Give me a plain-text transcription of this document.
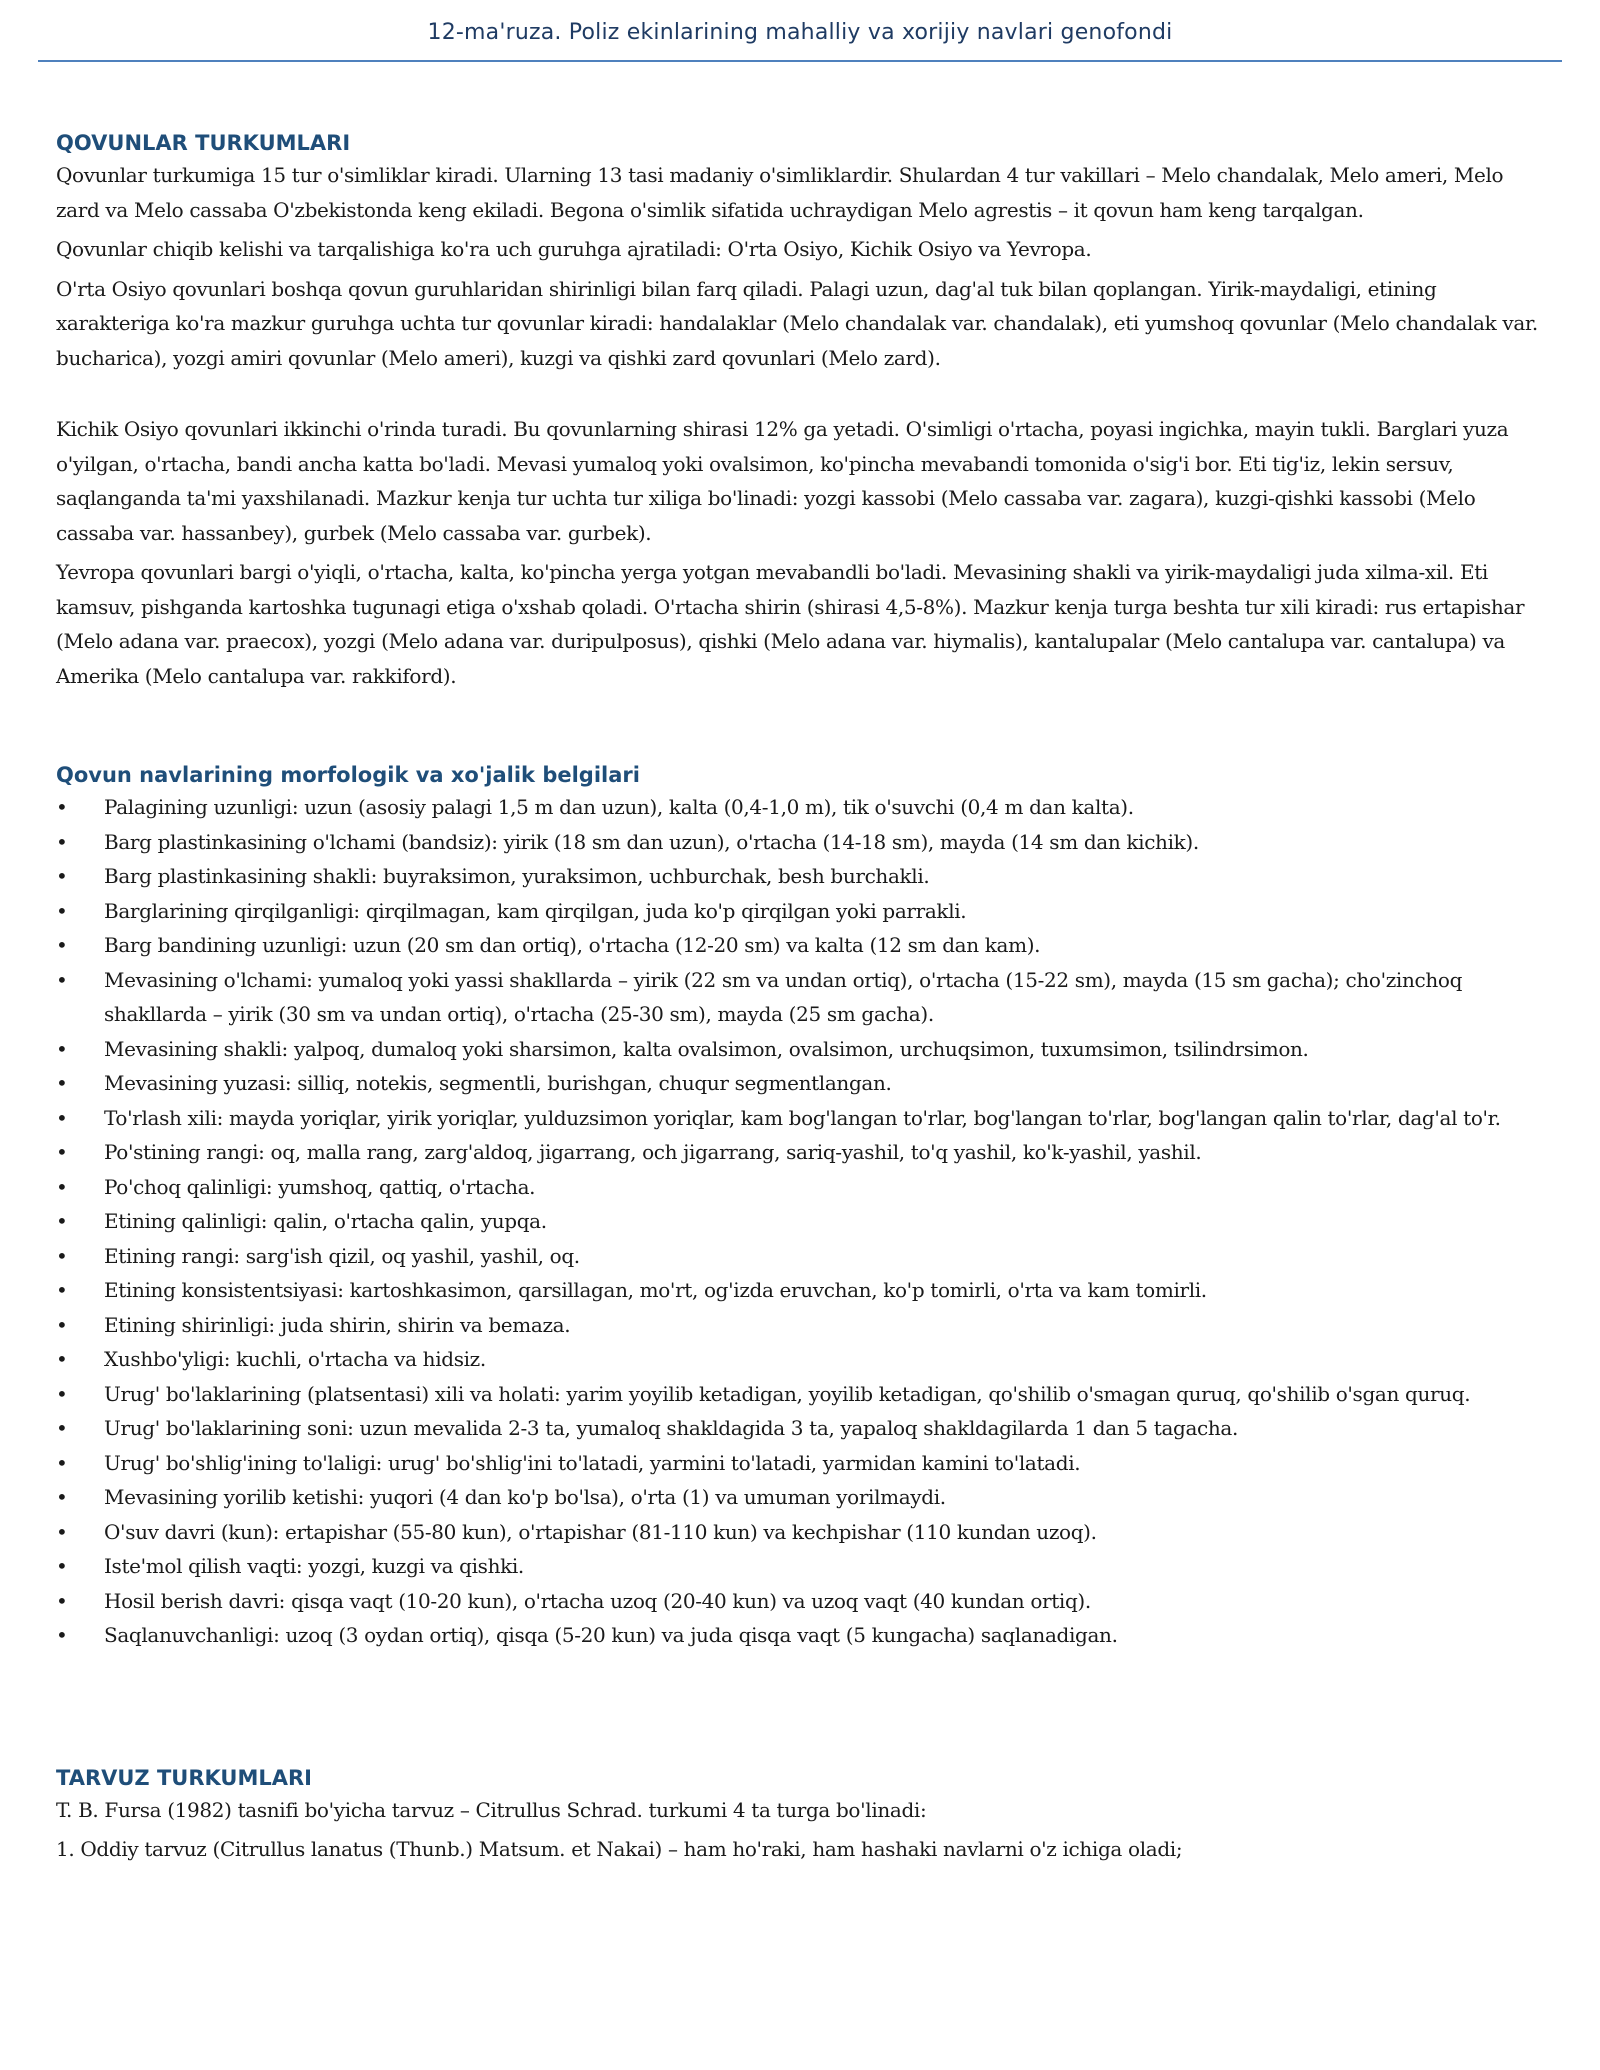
12-ma'ruza. Poliz ekinlarining mahalliy va xorijiy navlari genofondi
QOVUNLAR TURKUMLARI

Qovunlar turkumiga 15 tur o'simliklar kiradi. Ularning 13 tasi madaniy o'simliklardir. Shulardan 4 tur vakillari – Melo chandalak, Melo ameri, Melo zard va Melo cassaba O'zbekistonda keng ekiladi. Begona o'simlik sifatida uchraydigan Melo agrestis – it qovun ham keng tarqalgan.

Qovunlar chiqib kelishi va tarqalishiga ko'ra uch guruhga ajratiladi: O'rta Osiyo, Kichik Osiyo va Yevropa.

O'rta Osiyo qovunlari boshqa qovun guruhlaridan shirinligi bilan farq qiladi. Palagi uzun, dag'al tuk bilan qoplangan. Yirik-maydaligi, etining xarakteriga ko'ra mazkur guruhga uchta tur qovunlar kiradi: handalaklar (Melo chandalak var. chandalak), eti yumshoq qovunlar (Melo chandalak var. bucharica), yozgi amiri qovunlar (Melo ameri), kuzgi va qishki zard qovunlari (Melo zard).

Kichik Osiyo qovunlari ikkinchi o'rinda turadi. Bu qovunlarning shirasi 12% ga yetadi. O'simligi o'rtacha, poyasi ingichka, mayin tukli. Barglari yuza o'yilgan, o'rtacha, bandi ancha katta bo'ladi. Mevasi yumaloq yoki ovalsimon, ko'pincha mevabandi tomonida o'sig'i bor. Eti tig'iz, lekin sersuv, saqlanganda ta'mi yaxshilanadi. Mazkur kenja tur uchta tur xiliga bo'linadi: yozgi kassobi (Melo cassaba var. zagara), kuzgi-qishki kassobi (Melo cassaba var. hassanbey), gurbek (Melo cassaba var. gurbek).

Yevropa qovunlari bargi o'yiqli, o'rtacha, kalta, ko'pincha yerga yotgan mevabandli bo'ladi. Mevasining shakli va yirik-maydaligi juda xilma-xil. Eti kamsuv, pishganda kartoshka tugunagi etiga o'xshab qoladi. O'rtacha shirin (shirasi 4,5-8%). Mazkur kenja turga beshta tur xili kiradi: rus ertapishar (Melo adana var. praecox), yozgi (Melo adana var. duripulposus), qishki (Melo adana var. hiymalis), kantalupalar (Melo cantalupa var. cantalupa) va Amerika (Melo cantalupa var. rakkiford).

Qovun navlarining morfologik va xo'jalik belgilari
• Palagining uzunligi: uzun (asosiy palagi 1,5 m dan uzun), kalta (0,4-1,0 m), tik o'suvchi (0,4 m dan kalta).
• Barg plastinkasining o'lchami (bandsiz): yirik (18 sm dan uzun), o'rtacha (14-18 sm), mayda (14 sm dan kichik).
• Barg plastinkasining shakli: buyraksimon, yuraksimon, uchburchak, besh burchakli.
• Barglarining qirqilganligi: qirqilmagan, kam qirqilgan, juda ko'p qirqilgan yoki parrakli.
• Barg bandining uzunligi: uzun (20 sm dan ortiq), o'rtacha (12-20 sm) va kalta (12 sm dan kam).
• Mevasining o'lchami: yumaloq yoki yassi shakllarda – yirik (22 sm va undan ortiq), o'rtacha (15-22 sm), mayda (15 sm gacha); cho'zinchoq shakllarda – yirik (30 sm va undan ortiq), o'rtacha (25-30 sm), mayda (25 sm gacha).
• Mevasining shakli: yalpoq, dumaloq yoki sharsimon, kalta ovalsimon, ovalsimon, urchuqsimon, tuxumsimon, tsilindrsimon.
• Mevasining yuzasi: silliq, notekis, segmentli, burishgan, chuqur segmentlangan.
• To'rlash xili: mayda yoriqlar, yirik yoriqlar, yulduzsimon yoriqlar, kam bog'langan to'rlar, bog'langan to'rlar, bog'langan qalin to'rlar, dag'al to'r.
• Po'stining rangi: oq, malla rang, zarg'aldoq, jigarrang, och jigarrang, sariq-yashil, to'q yashil, ko'k-yashil, yashil.
• Po'choq qalinligi: yumshoq, qattiq, o'rtacha.
• Etining qalinligi: qalin, o'rtacha qalin, yupqa.
• Etining rangi: sarg'ish qizil, oq yashil, yashil, oq.
• Etining konsistentsiyasi: kartoshkasimon, qarsillagan, mo'rt, og'izda eruvchan, ko'p tomirli, o'rta va kam tomirli.
• Etining shirinligi: juda shirin, shirin va bemaza.
• Xushbo'yligi: kuchli, o'rtacha va hidsiz.
• Urug' bo'laklarining (platsentasi) xili va holati: yarim yoyilib ketadigan, yoyilib ketadigan, qo'shilib o'smagan quruq, qo'shilib o'sgan quruq.
• Urug' bo'laklarining soni: uzun mevalida 2-3 ta, yumaloq shakldagida 3 ta, yapaloq shakldagilarda 1 dan 5 tagacha.
• Urug' bo'shlig'ining to'laligi: urug' bo'shlig'ini to'latadi, yarmini to'latadi, yarmidan kamini to'latadi.
• Mevasining yorilib ketishi: yuqori (4 dan ko'p bo'lsa), o'rta (1) va umuman yorilmaydi.
• O'suv davri (kun): ertapishar (55-80 kun), o'rtapishar (81-110 kun) va kechpishar (110 kundan uzoq).
• Iste'mol qilish vaqti: yozgi, kuzgi va qishki.
• Hosil berish davri: qisqa vaqt (10-20 kun), o'rtacha uzoq (20-40 kun) va uzoq vaqt (40 kundan ortiq).
• Saqlanuvchanligi: uzoq (3 oydan ortiq), qisqa (5-20 kun) va juda qisqa vaqt (5 kungacha) saqlanadigan.
TARVUZ TURKUMLARI

T. B. Fursa (1982) tasnifi bo'yicha tarvuz – Citrullus Schrad. turkumi 4 ta turga bo'linadi:

1. Oddiy tarvuz (Citrullus lanatus (Thunb.) Matsum. et Nakai) – ham ho'raki, ham hashaki navlarni o'z ichiga oladi;
